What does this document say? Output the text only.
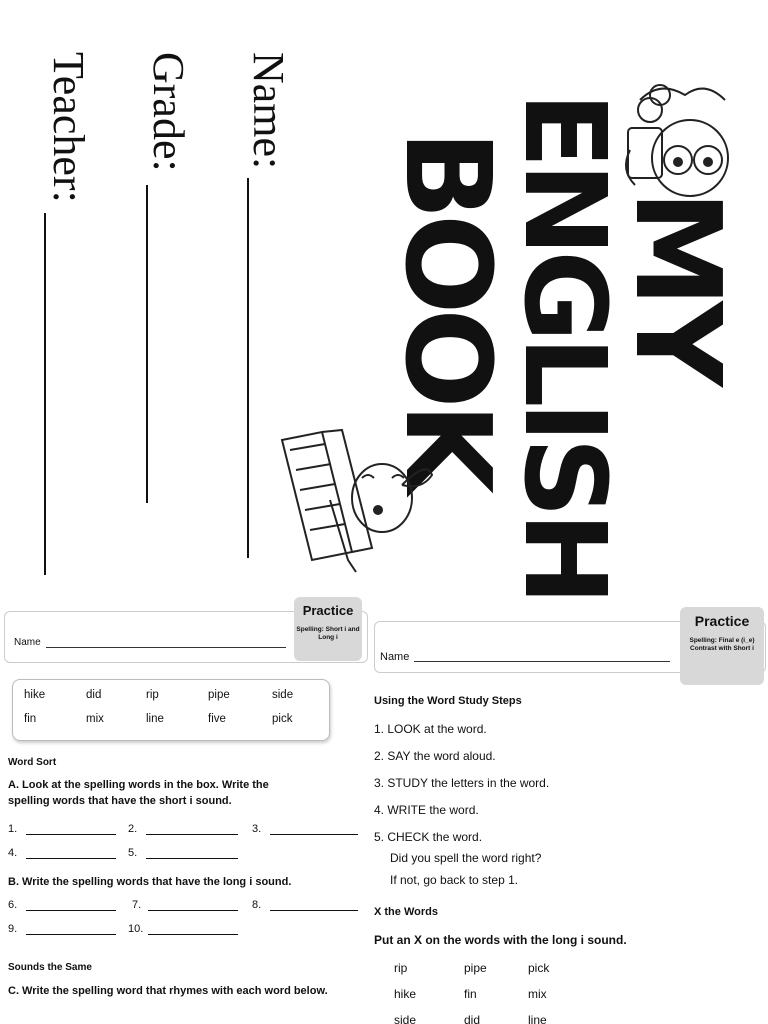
Name:
Grade:
Teacher:
MY
ENGLISH
BOOK
Practice
Spelling: Short i and Long i
Name
hike	did	rip	pipe	side
fin	mix	line	five	pick
Word Sort
A. Look at the spelling words in the box. Write the spelling words that have the short i sound.
1.	2.	3.
4.	5.
B. Write the spelling words that have the long i sound.
6.	7.	8.
9.	10.
Sounds the Same
C. Write the spelling word that rhymes with each word below.
Practice
Spelling: Final e (i_e) Contrast with Short i
Name
Using the Word Study Steps
1. LOOK at the word.
2. SAY the word aloud.
3. STUDY the letters in the word.
4. WRITE the word.
5. CHECK the word.
Did you spell the word right?
If not, go back to step 1.
X the Words
Put an X on the words with the long i sound.
rip	pipe	pick
hike	fin	mix
side	did	line
